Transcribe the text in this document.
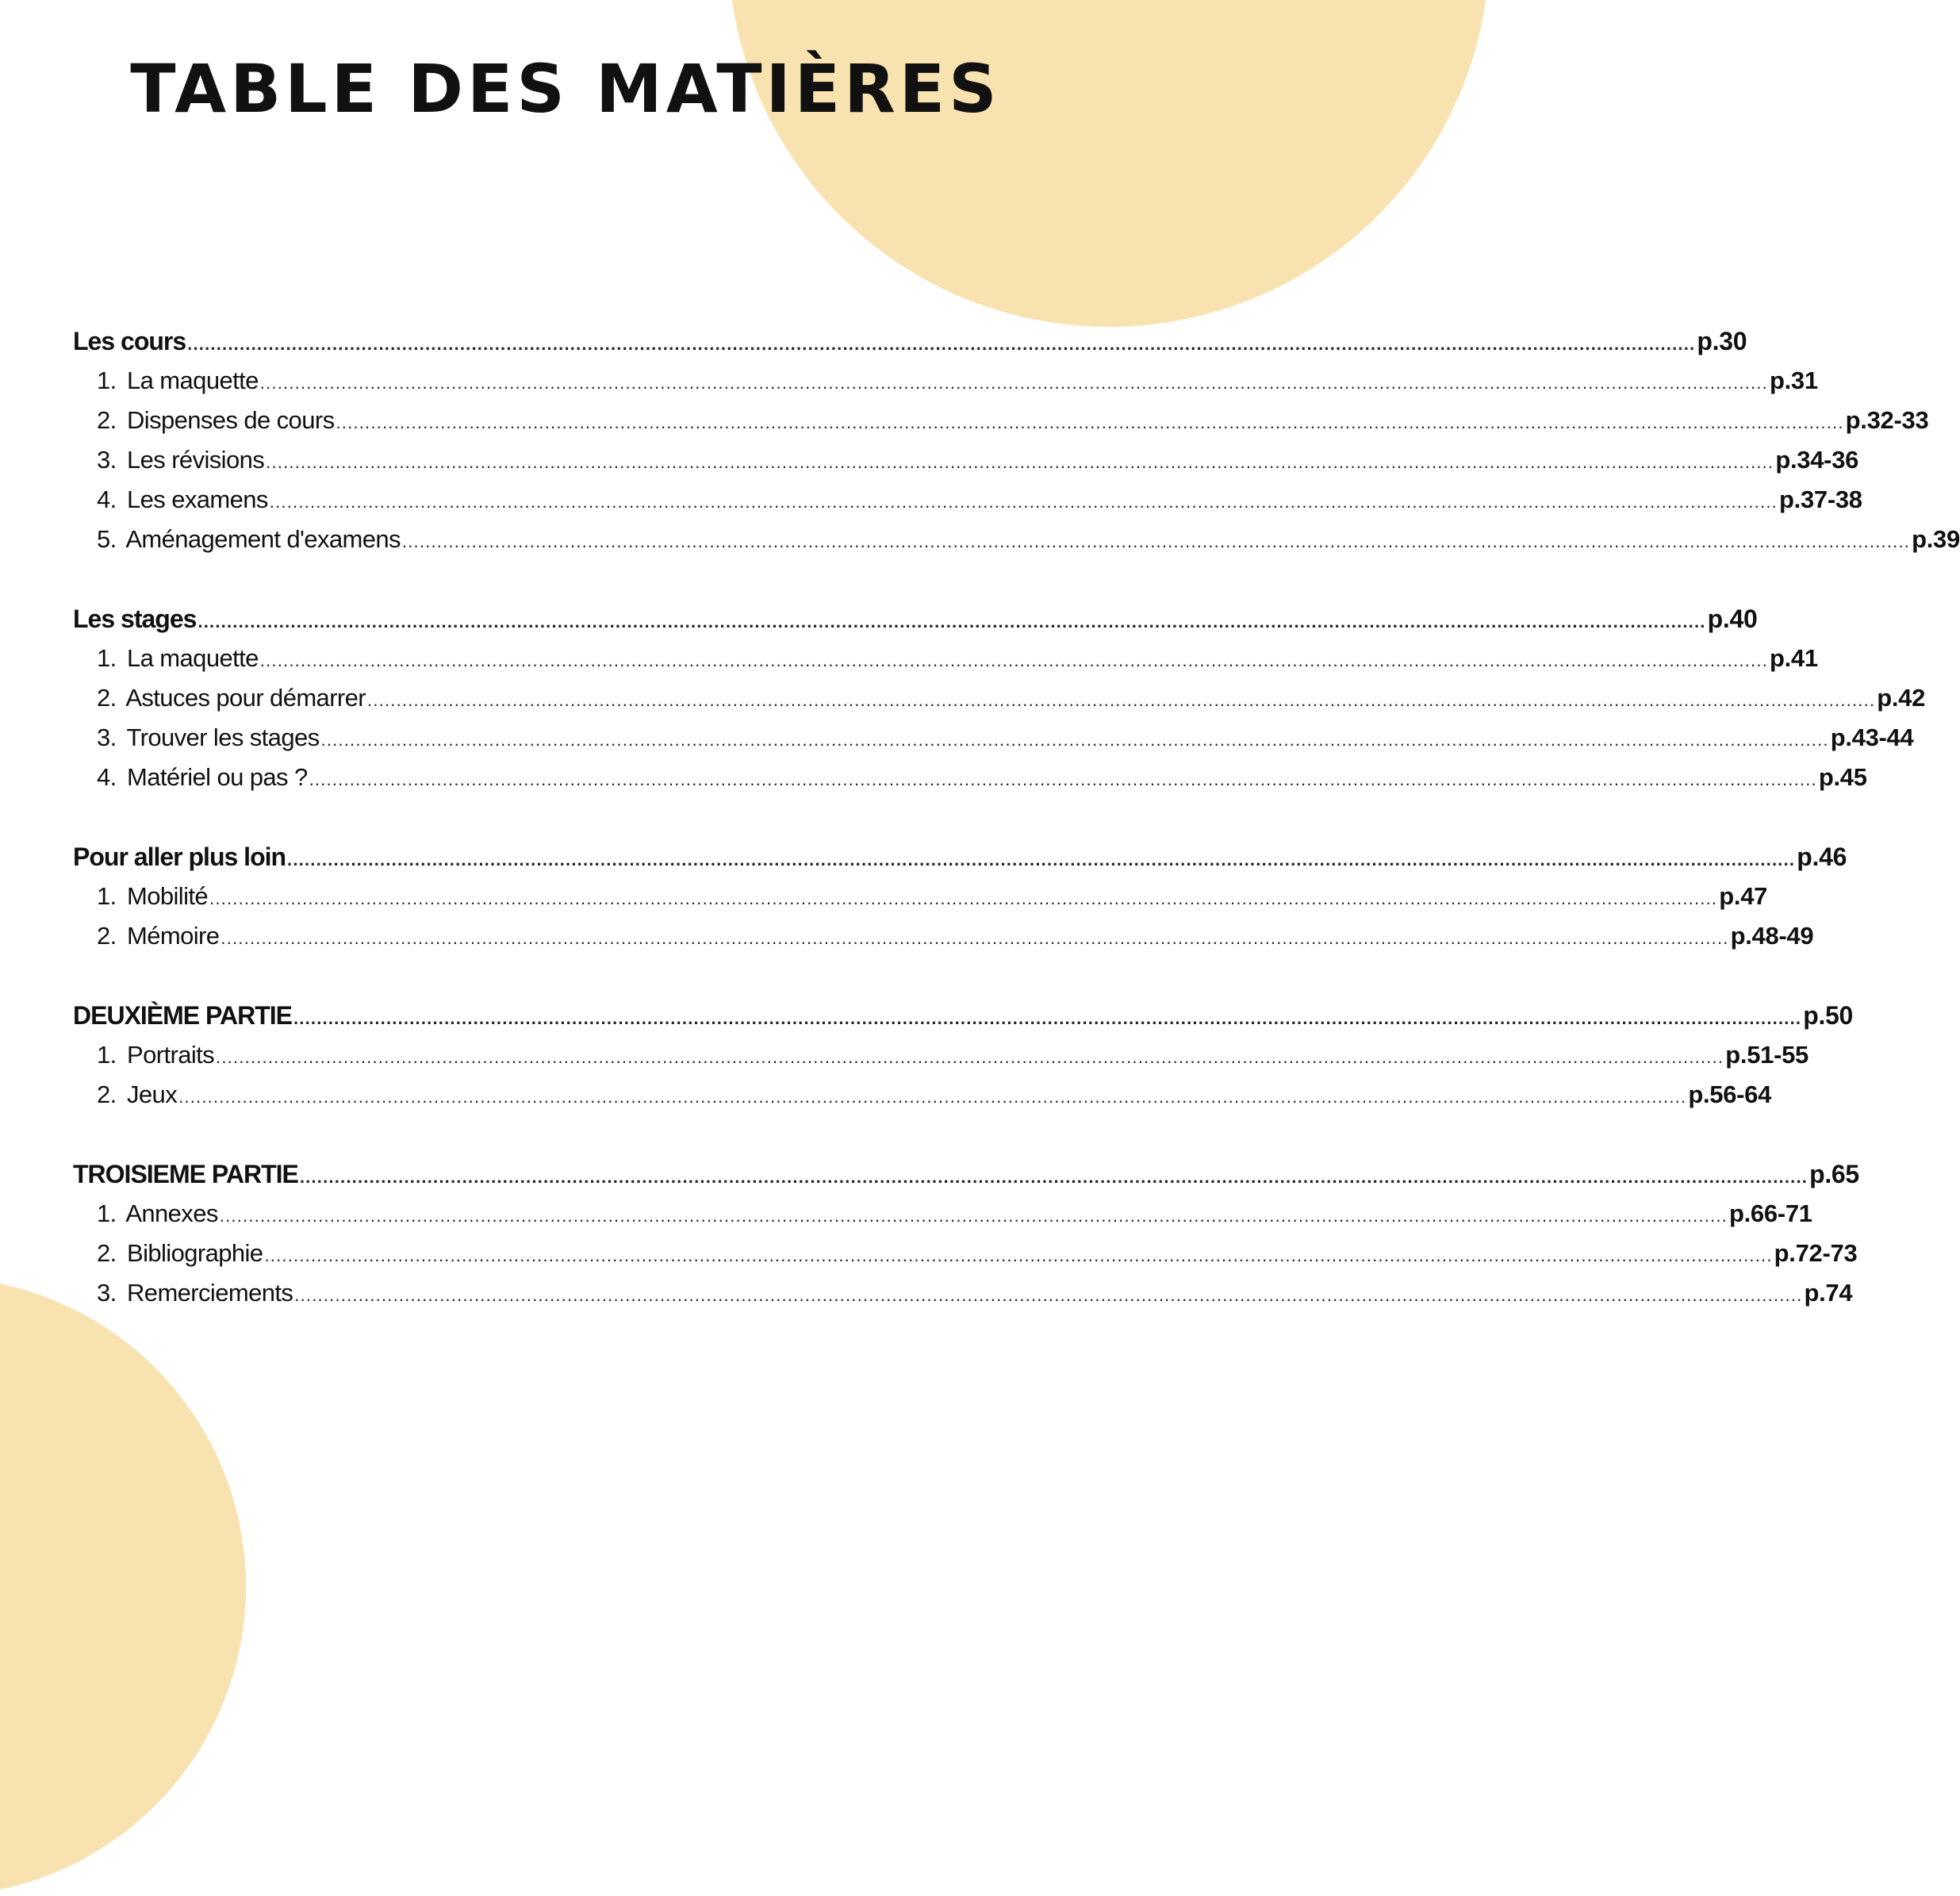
TABLE DES MATIÈRES
Les cours .................................................................................................................................................................................................................................................................... p.30
1. La maquette .................................................................................................................................................................................................................................................................... p.31
2. Dispenses de cours .................................................................................................................................................................................................................................................................... p.32-33
3. Les révisions .................................................................................................................................................................................................................................................................... p.34-36
4. Les examens .................................................................................................................................................................................................................................................................... p.37-38
5. Aménagement d'examens .................................................................................................................................................................................................................................................................... p.39
Les stages .................................................................................................................................................................................................................................................................... p.40
1. La maquette .................................................................................................................................................................................................................................................................... p.41
2. Astuces pour démarrer .................................................................................................................................................................................................................................................................... p.42
3. Trouver les stages .................................................................................................................................................................................................................................................................... p.43-44
4. Matériel ou pas ? .................................................................................................................................................................................................................................................................... p.45
Pour aller plus loin .................................................................................................................................................................................................................................................................... p.46
1. Mobilité .................................................................................................................................................................................................................................................................... p.47
2. Mémoire .................................................................................................................................................................................................................................................................... p.48-49
DEUXIÈME PARTIE .................................................................................................................................................................................................................................................................... p.50
1. Portraits .................................................................................................................................................................................................................................................................... p.51-55
2. Jeux .................................................................................................................................................................................................................................................................... p.56-64
TROISIEME PARTIE .................................................................................................................................................................................................................................................................... p.65
1. Annexes .................................................................................................................................................................................................................................................................... p.66-71
2. Bibliographie .................................................................................................................................................................................................................................................................... p.72-73
3. Remerciements .................................................................................................................................................................................................................................................................... p.74
